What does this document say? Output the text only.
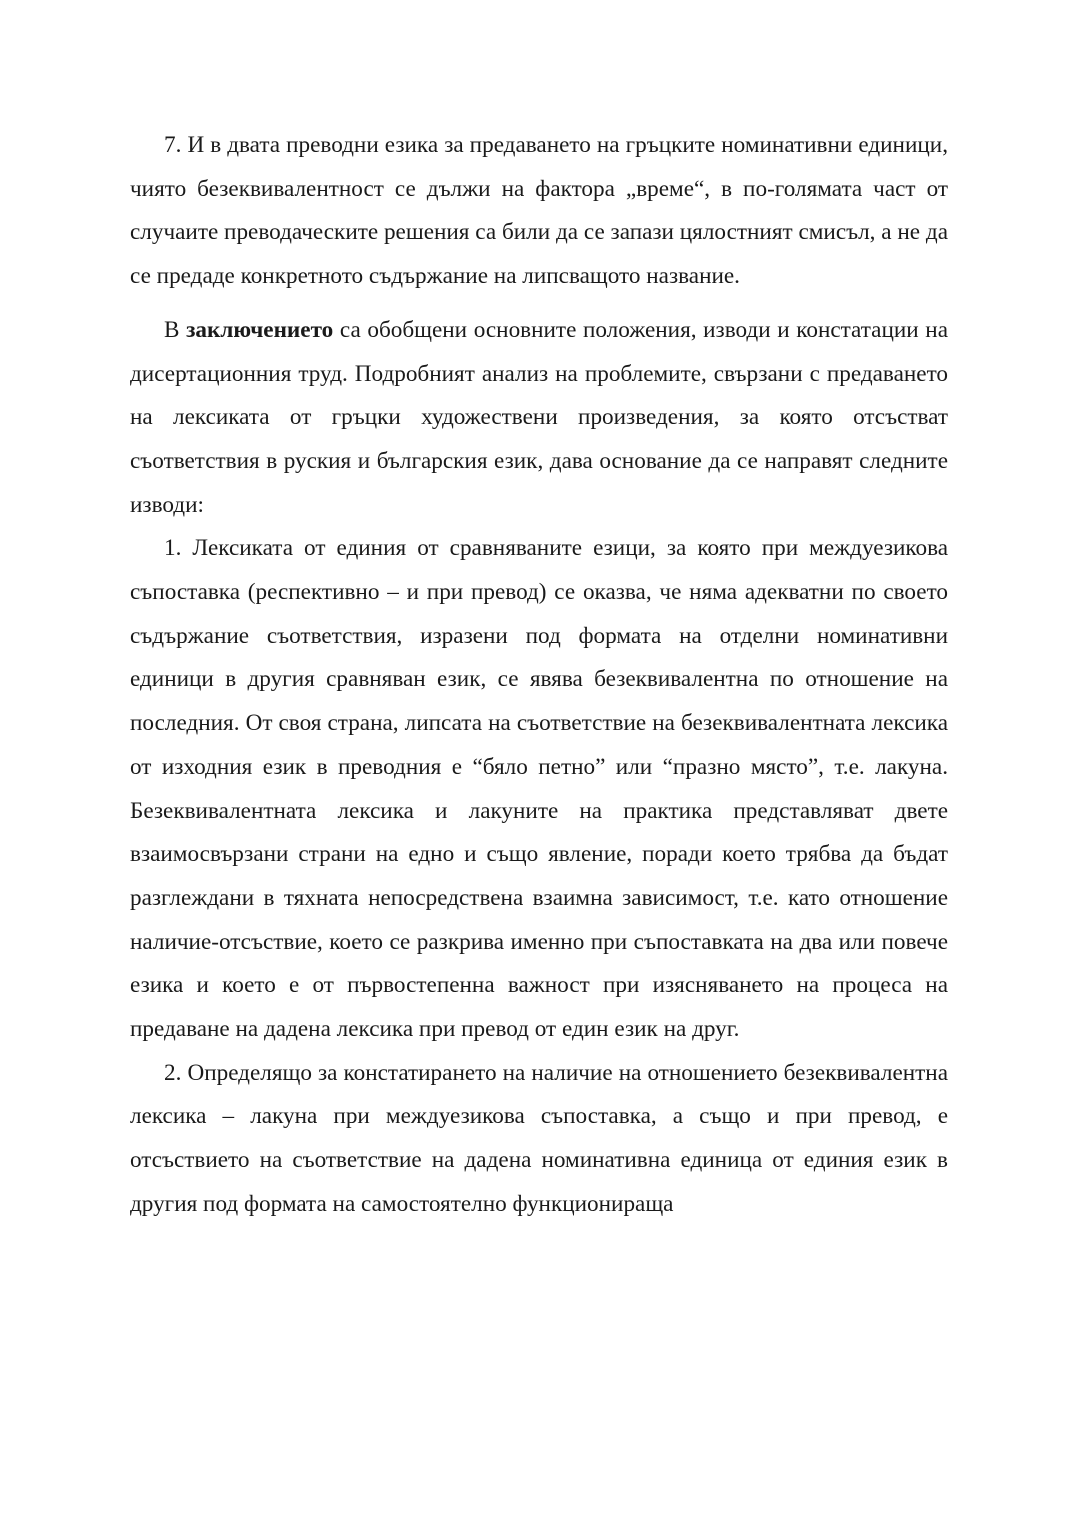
7. И в двата преводни езика за предаването на гръцките номинативни единици, чиято безеквивалентност се дължи на фактора „време“, в по-голямата част от случаите преводаческите решения са били да се запази цялостният смисъл, а не да се предаде конкретното съдържание на липсващото название.

В заключението са обобщени основните положения, изводи и констатации на дисертационния труд. Подробният анализ на проблемите, свързани с предаването на лексиката от гръцки художествени произведения, за която отсъстват съответствия в руския и българския език, дава основание да се направят следните изводи:

1. Лексиката от единия от сравняваните езици, за която при междуезикова съпоставка (респективно – и при превод) се оказва, че няма адекватни по своето съдържание съответствия, изразени под формата на отделни номинативни единици в другия сравняван език, се явява безеквивалентна по отношение на последния. От своя страна, липсата на съответствие на безеквивалентната лексика от изходния език в преводния е “бяло петно” или “празно място”, т.е. лакуна. Безеквивалентната лексика и лакуните на практика представляват двете взаимосвързани страни на едно и също явление, поради което трябва да бъдат разглеждани в тяхната непосредствена взаимна зависимост, т.е. като отношение наличие-отсъствие, което се разкрива именно при съпоставката на два или повече езика и което е от първостепенна важност при изясняването на процеса на предаване на дадена лексика при превод от един език на друг.

2. Определящо за констатирането на наличие на отношението безеквивалентна лексика – лакуна при междуезикова съпоставка, а също и при превод, е отсъствието на съответствие на дадена номинативна единица от единия език в другия под формата на самостоятелно функционираща
